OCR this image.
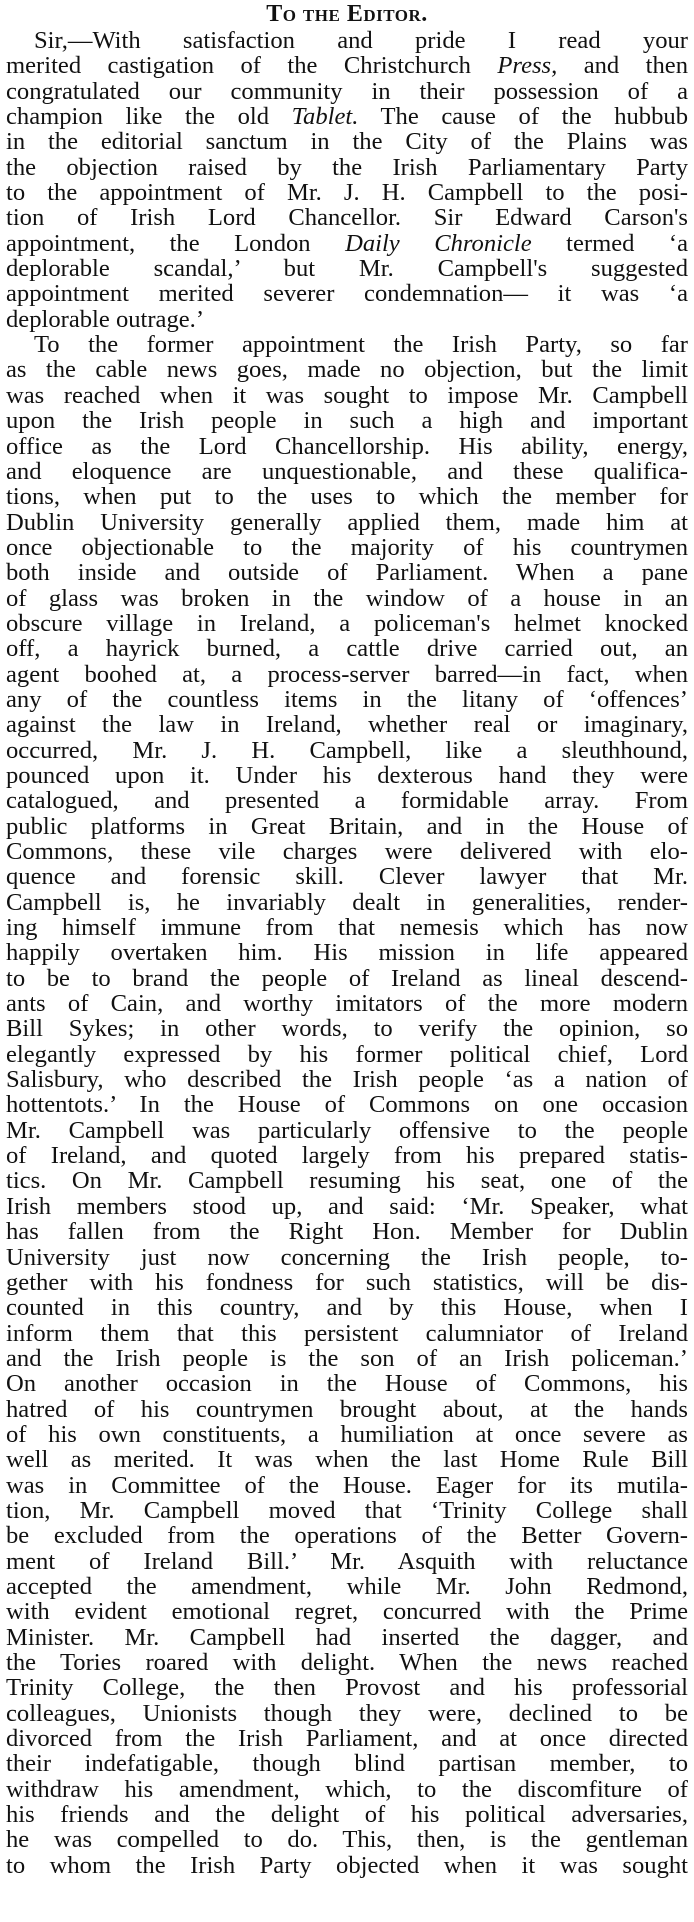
To the Editor.
Sir,—With satisfaction and pride I read your
merited castigation of the Christchurch Press, and then
congratulated our community in their possession of a
champion like the old Tablet. The cause of the hubbub
in the editorial sanctum in the City of the Plains was
the objection raised by the Irish Parliamentary Party
to the appointment of Mr. J. H. Campbell to the posi-
tion of Irish Lord Chancellor. Sir Edward Carson's
appointment, the London Daily Chronicle termed ‘a
deplorable scandal,’ but Mr. Campbell's suggested
appointment merited severer condemnation— it was ‘a
deplorable outrage.’
To the former appointment the Irish Party, so far
as the cable news goes, made no objection, but the limit
was reached when it was sought to impose Mr. Campbell
upon the Irish people in such a high and important
office as the Lord Chancellorship. His ability, energy,
and eloquence are unquestionable, and these qualifica-
tions, when put to the uses to which the member for
Dublin University generally applied them, made him at
once objectionable to the majority of his countrymen
both inside and outside of Parliament. When a pane
of glass was broken in the window of a house in an
obscure village in Ireland, a policeman's helmet knocked
off, a hayrick burned, a cattle drive carried out, an
agent boohed at, a process-server barred—in fact, when
any of the countless items in the litany of ‘offences’
against the law in Ireland, whether real or imaginary,
occurred, Mr. J. H. Campbell, like a sleuthhound,
pounced upon it. Under his dexterous hand they were
catalogued, and presented a formidable array. From
public platforms in Great Britain, and in the House of
Commons, these vile charges were delivered with elo-
quence and forensic skill. Clever lawyer that Mr.
Campbell is, he invariably dealt in generalities, render-
ing himself immune from that nemesis which has now
happily overtaken him. His mission in life appeared
to be to brand the people of Ireland as lineal descend-
ants of Cain, and worthy imitators of the more modern
Bill Sykes; in other words, to verify the opinion, so
elegantly expressed by his former political chief, Lord
Salisbury, who described the Irish people ‘as a nation of
hottentots.’ In the House of Commons on one occasion
Mr. Campbell was particularly offensive to the people
of Ireland, and quoted largely from his prepared statis-
tics. On Mr. Campbell resuming his seat, one of the
Irish members stood up, and said: ‘Mr. Speaker, what
has fallen from the Right Hon. Member for Dublin
University just now concerning the Irish people, to-
gether with his fondness for such statistics, will be dis-
counted in this country, and by this House, when I
inform them that this persistent calumniator of Ireland
and the Irish people is the son of an Irish policeman.’
On another occasion in the House of Commons, his
hatred of his countrymen brought about, at the hands
of his own constituents, a humiliation at once severe as
well as merited. It was when the last Home Rule Bill
was in Committee of the House. Eager for its mutila-
tion, Mr. Campbell moved that ‘Trinity College shall
be excluded from the operations of the Better Govern-
ment of Ireland Bill.’ Mr. Asquith with reluctance
accepted the amendment, while Mr. John Redmond,
with evident emotional regret, concurred with the Prime
Minister. Mr. Campbell had inserted the dagger, and
the Tories roared with delight. When the news reached
Trinity College, the then Provost and his professorial
colleagues, Unionists though they were, declined to be
divorced from the Irish Parliament, and at once directed
their indefatigable, though blind partisan member, to
withdraw his amendment, which, to the discomfiture of
his friends and the delight of his political adversaries,
he was compelled to do. This, then, is the gentleman
to whom the Irish Party objected when it was sought
